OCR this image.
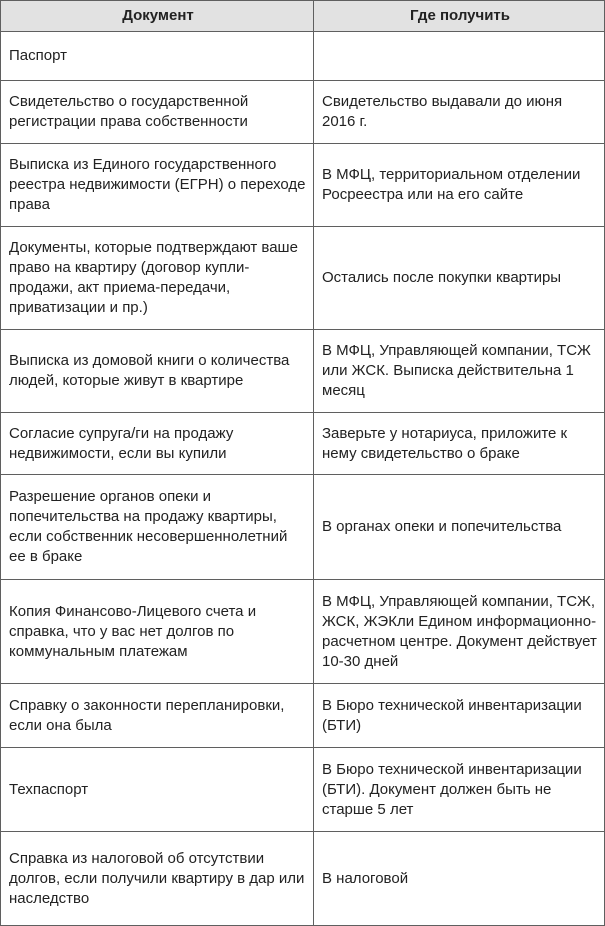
Документ	Где получить
Паспорт	
Свидетельство о государственной регистрации права собственности	Свидетельство выдавали до июня 2016 г.
Выписка из Единого государственного реестра недвижимости (ЕГРН) о переходе права	В МФЦ, территориальном отделении Росреестра или на его сайте
Документы, которые подтверждают ваше право на квартиру (договор купли-продажи, акт приема-передачи, приватизации и пр.)	Остались после покупки квартиры
Выписка из домовой книги о количества людей, которые живут в квартире	В МФЦ, Управляющей компании, ТСЖ или ЖСК. Выписка действительна 1 месяц
Согласие супруга/ги на продажу недвижимости, если вы купили	Заверьте у нотариуса, приложите к нему свидетельство о браке
Разрешение органов опеки и попечительства на продажу квартиры, если собственник несовершеннолетний ее в браке	В органах опеки и попечительства
Копия Финансово-Лицевого счета и справка, что у вас нет долгов по коммунальным платежам	В МФЦ, Управляющей компании, ТСЖ, ЖСК, ЖЭКли Едином информационно-расчетном центре. Документ действует 10-30 дней
Справку о законности перепланировки, если она была	В Бюро технической инвентаризации (БТИ)
Техпаспорт	В Бюро технической инвентаризации (БТИ). Документ должен быть не старше 5 лет
Справка из налоговой об отсутствии долгов, если получили квартиру в дар или наследство	В налоговой
